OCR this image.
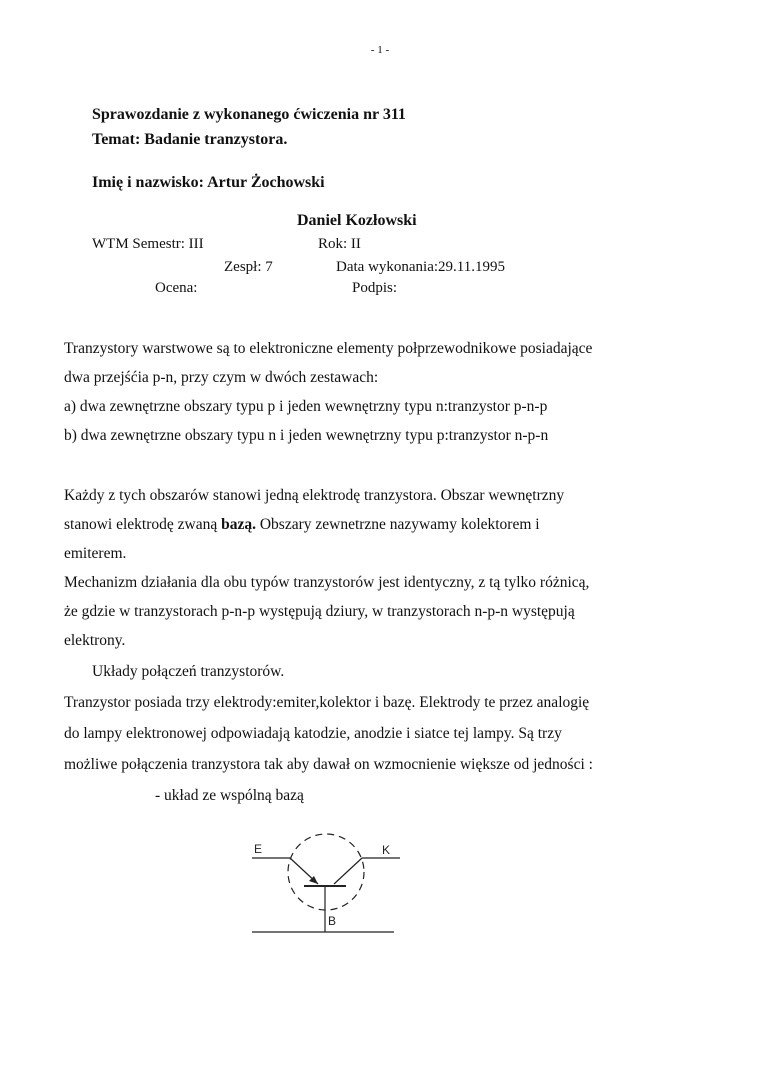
- 1 -
Sprawozdanie z wykonanego ćwiczenia nr 311
Temat: Badanie tranzystora.
Imię i nazwisko: Artur Żochowski
Daniel Kozłowski
WTM Semestr: III	Rok: II
Zespł: 7	Data wykonania:29.11.1995
Ocena:	Podpis:
Tranzystory warstwowe są to elektroniczne elementy połprzewodnikowe posiadające
dwa przejśćia p-n, przy czym w dwóch zestawach:
a) dwa zewnętrzne obszary typu p i jeden wewnętrzny typu n:tranzystor p-n-p
b) dwa zewnętrzne obszary typu n i jeden wewnętrzny typu p:tranzystor n-p-n
Każdy z tych obszarów stanowi jedną elektrodę tranzystora. Obszar wewnętrzny
stanowi elektrodę zwaną bazą. Obszary zewnetrzne nazywamy kolektorem i
emiterem.
Mechanizm działania dla obu typów tranzystorów jest identyczny, z tą tylko różnicą,
że gdzie w tranzystorach p-n-p występują dziury, w tranzystorach n-p-n występują
elektrony.
Układy połączeń tranzystorów.
Tranzystor posiada trzy elektrody:emiter,kolektor i bazę. Elektrody te przez analogię
do lampy elektronowej odpowiadają katodzie, anodzie i siatce tej lampy. Są trzy
możliwe połączenia tranzystora tak aby dawał on wzmocnienie większe od jedności :
- układ ze wspólną bazą
E	K
B
